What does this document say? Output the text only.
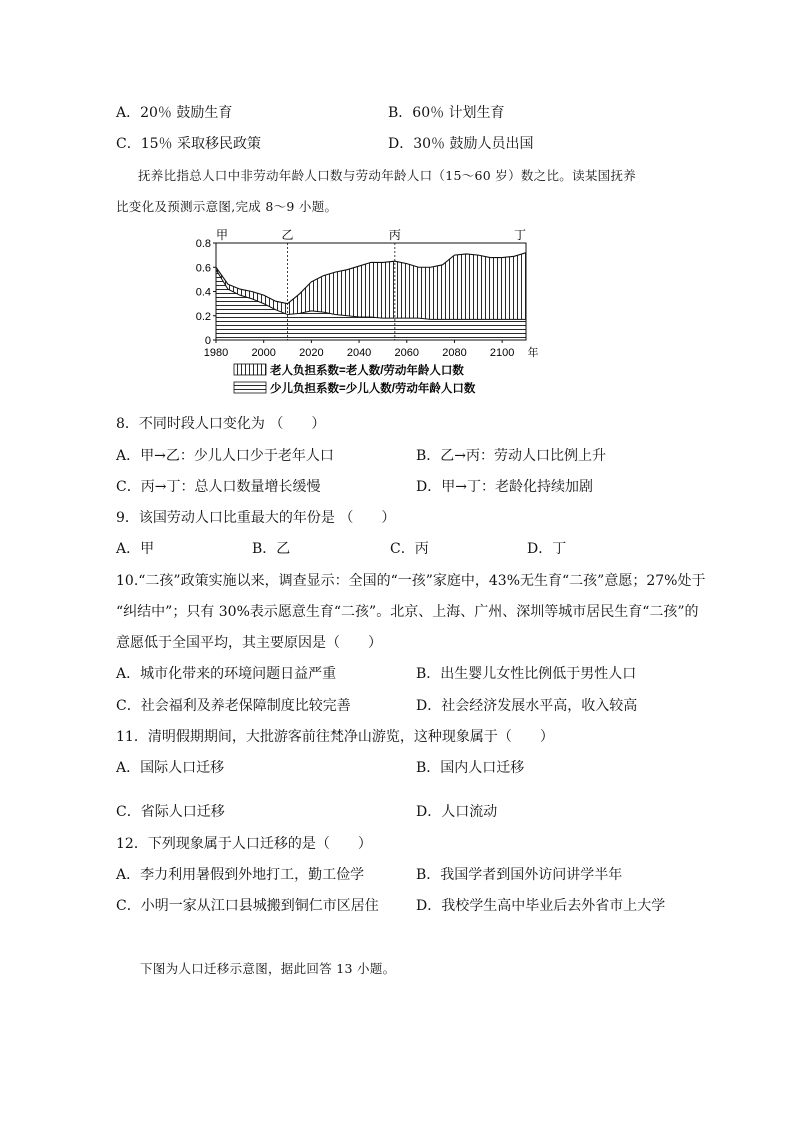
A．20％ 鼓励生育	B．60％ 计划生育
C．15％ 采取移民政策	D．30％ 鼓励人员出国
抚养比指总人口中非劳动年龄人口数与劳动年龄人口（15～60 岁）数之比。读某国抚养
比变化及预测示意图,完成 8～9 小题。
0
0.2
0.4
0.6
0.8
1980 2000 2020 2040 2060 2080 2100 年
甲	乙	丙	丁
老人负担系数=老人数/劳动年龄人口数
少儿负担系数=少儿人数/劳动年龄人口数
8．不同时段人口变化为 （　　）
A．甲→乙：少儿人口少于老年人口	B．乙→丙：劳动人口比例上升
C．丙→丁：总人口数量增长缓慢	D．甲→丁：老龄化持续加剧
9．该国劳动人口比重最大的年份是 （　　）
A．甲	B．乙	C．丙	D．丁
10.“二孩”政策实施以来，调查显示：全国的“一孩”家庭中，43%无生育“二孩”意愿；27%处于
“纠结中”；只有 30%表示愿意生育“二孩”。北京、上海、广州、深圳等城市居民生育“二孩”的
意愿低于全国平均，其主要原因是（　　）
A．城市化带来的环境问题日益严重	B．出生婴儿女性比例低于男性人口
C．社会福利及养老保障制度比较完善	D．社会经济发展水平高，收入较高
11．清明假期期间，大批游客前往梵净山游览，这种现象属于（　　）
A．国际人口迁移	B．国内人口迁移
C．省际人口迁移	D．人口流动
12．下列现象属于人口迁移的是（　　）
A．李力利用暑假到外地打工，勤工俭学	B．我国学者到国外访问讲学半年
C．小明一家从江口县城搬到铜仁市区居住	D．我校学生高中毕业后去外省市上大学
下图为人口迁移示意图，据此回答 13 小题。
